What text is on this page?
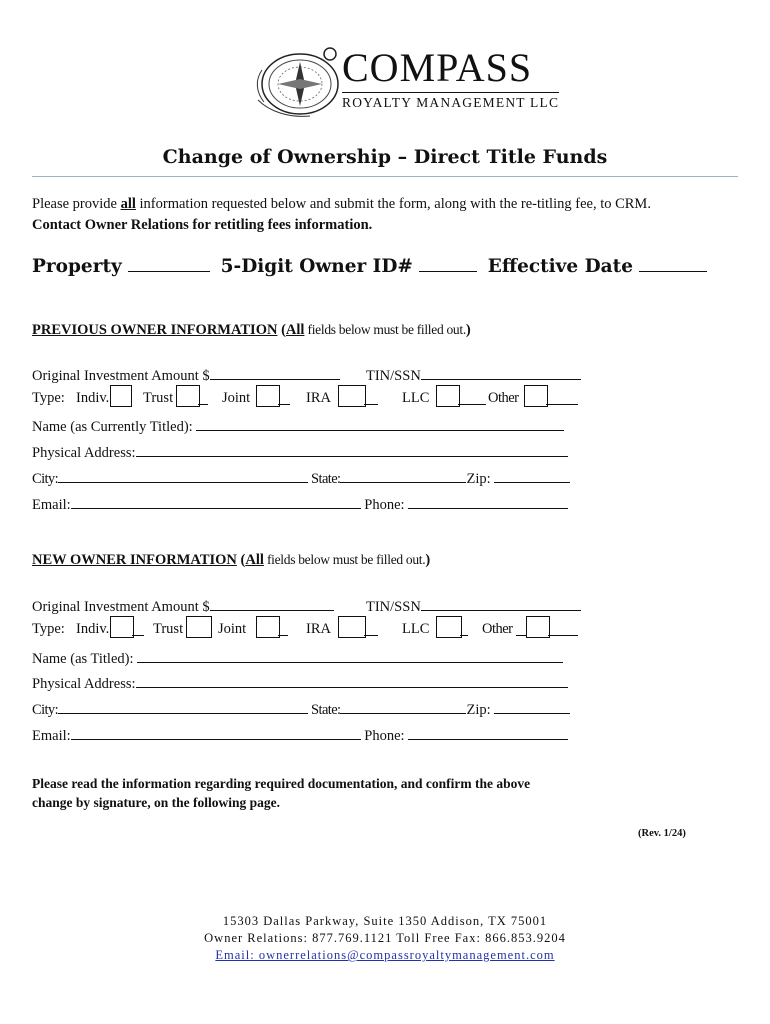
COMPASS
ROYALTY MANAGEMENT LLC
Change of Ownership – Direct Title Funds
Please provide all information requested below and submit the form, along with the re-titling fee, to CRM.
Contact Owner Relations for retitling fees information.
Property	5-Digit Owner ID#	Effective Date
PREVIOUS OWNER INFORMATION (All fields below must be filled out.)
Original Investment Amount $	TIN/SSN
Type: Indiv. Trust	Joint	IRA	LLC	Other
Name (as Currently Titled):
Physical Address:
City:	State:	Zip:
Email:	Phone:
NEW OWNER INFORMATION (All fields below must be filled out.)
Original Investment Amount $	TIN/SSN
Type: Indiv.	Trust Joint	IRA	LLC	Other
Name (as Titled):
Physical Address:
City:	State:	Zip:
Email:	Phone:
Please read the information regarding required documentation, and confirm the above
change by signature, on the following page.
(Rev. 1/24)
15303 Dallas Parkway, Suite 1350 Addison, TX 75001
Owner Relations: 877.769.1121 Toll Free Fax: 866.853.9204
Email: ownerrelations@compassroyaltymanagement.com
